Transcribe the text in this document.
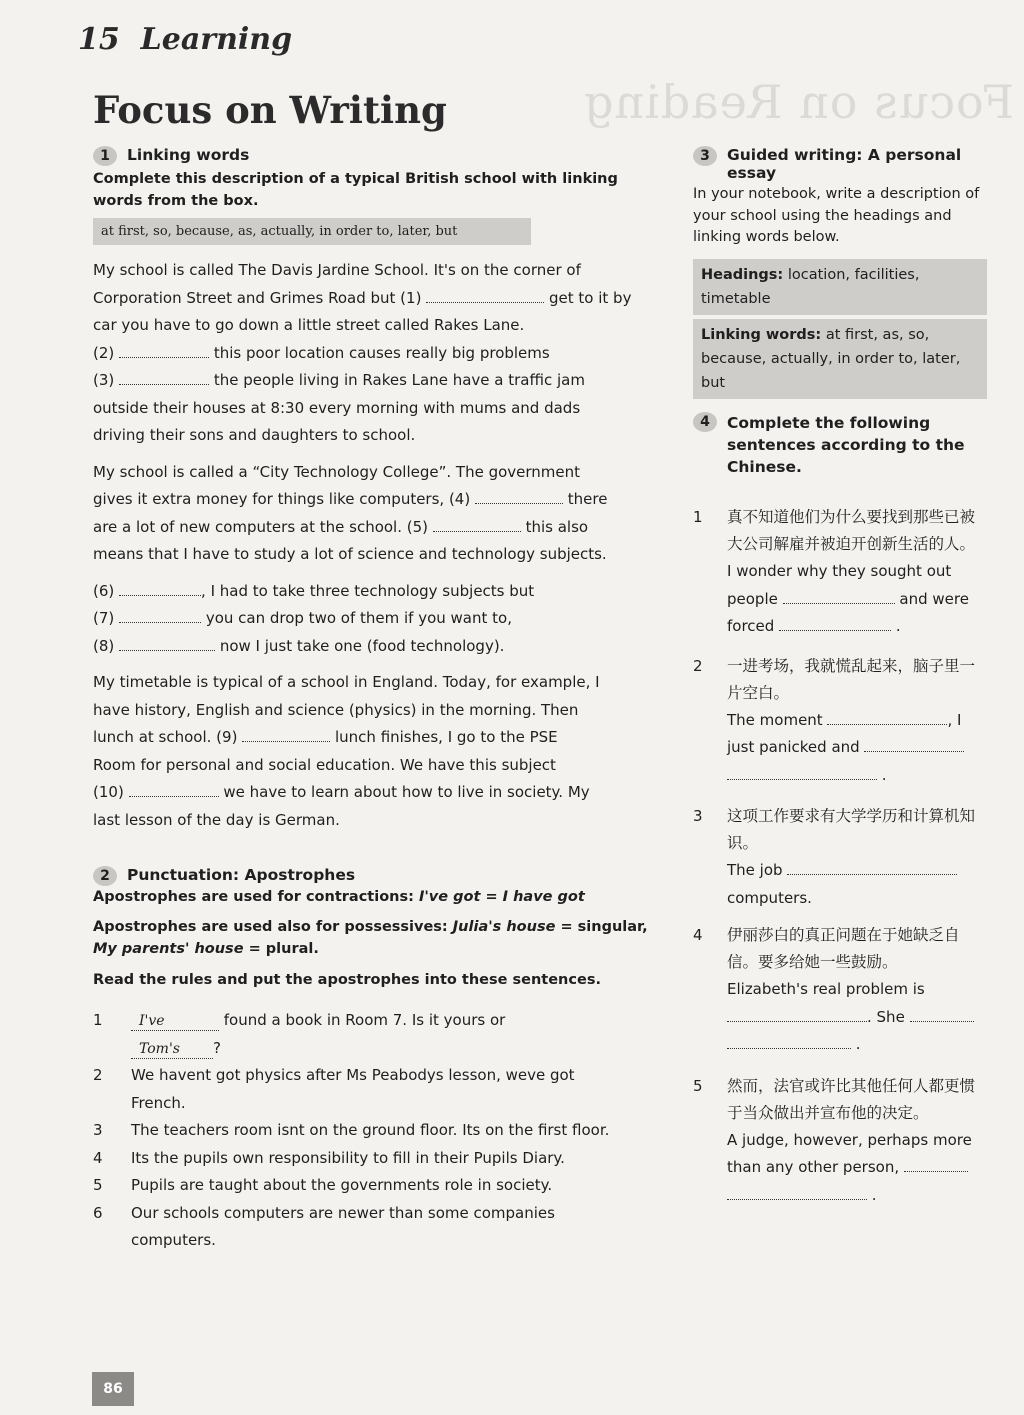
Focus on Reading
15 Learning
Focus on Writing
1	Linking words
Complete this description of a typical British school with linking words from the box.
at first, so, because, as, actually, in order to, later, but
My school is called The Davis Jardine School. It's on the corner of
Corporation Street and Grimes Road but (1)	get to it by
car you have to go down a little street called Rakes Lane.
(2)	this poor location causes really big problems
(3)	the people living in Rakes Lane have a traffic jam
outside their houses at 8:30 every morning with mums and dads
driving their sons and daughters to school.
My school is called a “City Technology College”. The government
gives it extra money for things like computers, (4)	there
are a lot of new computers at the school. (5)	this also
means that I have to study a lot of science and technology subjects.
(6)	, I had to take three technology subjects but
(7)	you can drop two of them if you want to,
(8)	now I just take one (food technology).
My timetable is typical of a school in England. Today, for example, I
have history, English and science (physics) in the morning. Then
lunch at school. (9)	lunch finishes, I go to the PSE
Room for personal and social education. We have this subject
(10)	we have to learn about how to live in society. My
last lesson of the day is German.
2	Punctuation: Apostrophes
Apostrophes are used for contractions: I've got = I have got
Apostrophes are used also for possessives: Julia's house = singular, My parents' house = plural.
Read the rules and put the apostrophes into these sentences.
1	I've	found a book in Room 7. Is it yours or
Tom's ?
2	We havent got physics after Ms Peabodys lesson, weve got French.
3	The teachers room isnt on the ground floor. Its on the first floor.
4	Its the pupils own responsibility to fill in their Pupils Diary.
5	Pupils are taught about the governments role in society.
6	Our schools computers are newer than some companies computers.
3	Guided writing: A personal essay
In your notebook, write a description of your school using the headings and linking words below.
Headings: location, facilities, timetable
Linking words: at first, as, so, because, actually, in order to, later, but
4	Complete the following sentences according to the Chinese.
1	真不知道他们为什么要找到那些已被大公司解雇并被迫开创新生活的人。
I wonder why they sought out
people	and were
forced	.
2	一进考场，我就慌乱起来，脑子里一片空白。
The moment	, I
just panicked and
.
3	这项工作要求有大学学历和计算机知识。
The job
computers.
4	伊丽莎白的真正问题在于她缺乏自信。要多给她一些鼓励。
Elizabeth's real problem is
. She
.
5	然而，法官或许比其他任何人都更惯于当众做出并宣布他的决定。
A judge, however, perhaps more
than any other person,
.
86
